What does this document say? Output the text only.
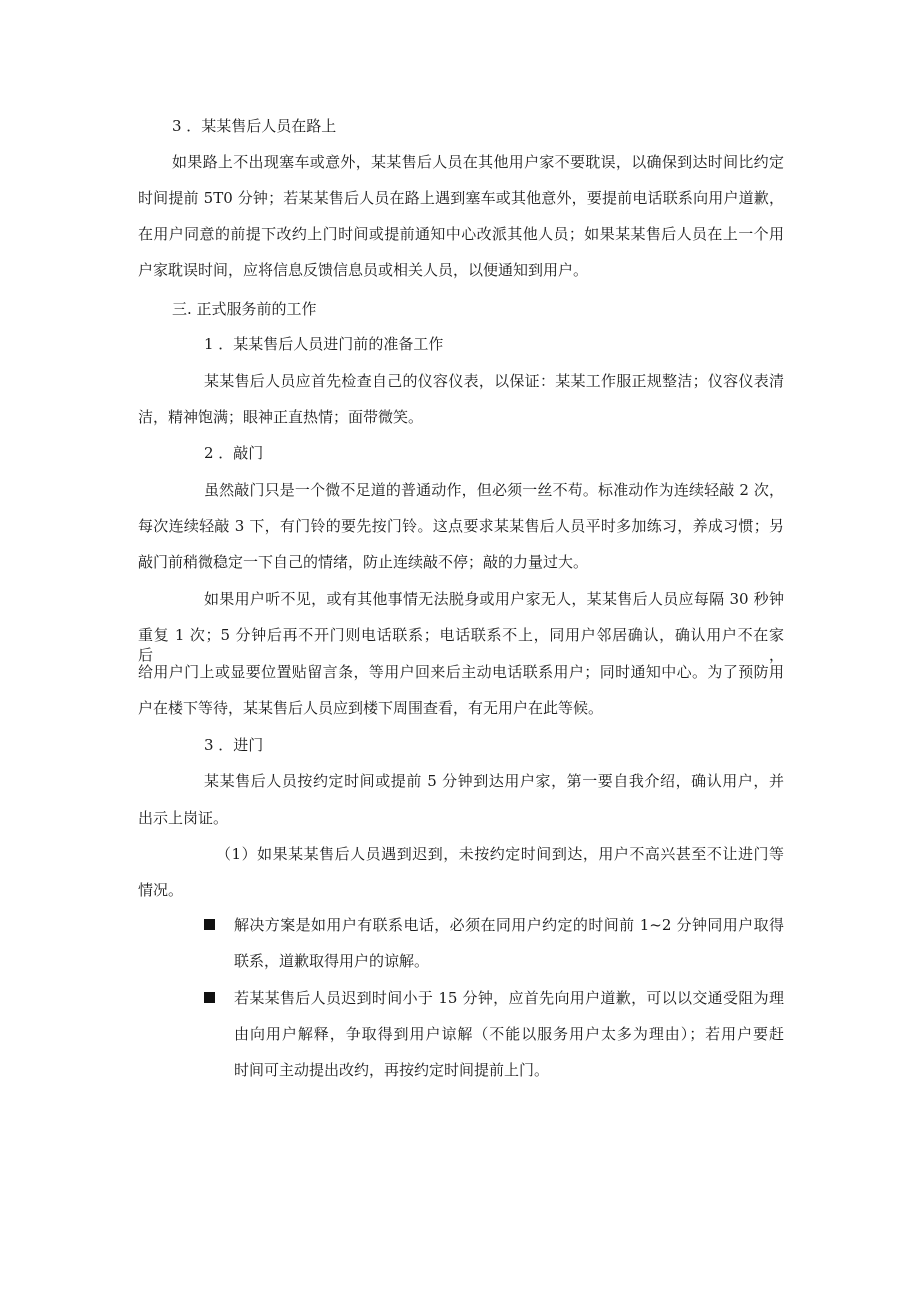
3 ．某某售后人员在路上
如果路上不出现塞车或意外，某某售后人员在其他用户家不要耽误，以确保到达时间比约定
时间提前 5T0 分钟；若某某售后人员在路上遇到塞车或其他意外，要提前电话联系向用户道歉，
在用户同意的前提下改约上门时间或提前通知中心改派其他人员；如果某某售后人员在上一个用
户家耽误时间，应将信息反馈信息员或相关人员，以便通知到用户。
三. 正式服务前的工作
1 ．某某售后人员进门前的准备工作
某某售后人员应首先检查自己的仪容仪表，以保证：某某工作服正规整洁；仪容仪表清
洁，精神饱满；眼神正直热情；面带微笑。
2 ．敲门
虽然敲门只是一个微不足道的普通动作，但必须一丝不苟。标准动作为连续轻敲 2 次，
每次连续轻敲 3 下，有门铃的要先按门铃。这点要求某某售后人员平时多加练习，养成习惯；另
敲门前稍微稳定一下自己的情绪，防止连续敲不停；敲的力量过大。
如果用户听不见，或有其他事情无法脱身或用户家无人，某某售后人员应每隔 30 秒钟
重复 1 次；5 分钟后再不开门则电话联系；电话联系不上，同用户邻居确认，确认用户不在家后，
给用户门上或显要位置贴留言条，等用户回来后主动电话联系用户；同时通知中心。为了预防用
户在楼下等待，某某售后人员应到楼下周围查看，有无用户在此等候。
3 ．进门
某某售后人员按约定时间或提前 5 分钟到达用户家，第一要自我介绍，确认用户，并
出示上岗证。
（1）如果某某售后人员遇到迟到，未按约定时间到达，用户不高兴甚至不让进门等
情况。
解决方案是如用户有联系电话，必须在同用户约定的时间前 1~2 分钟同用户取得
联系，道歉取得用户的谅解。
若某某售后人员迟到时间小于 15 分钟，应首先向用户道歉，可以以交通受阻为理
由向用户解释，争取得到用户谅解（不能以服务用户太多为理由）；若用户要赶
时间可主动提出改约，再按约定时间提前上门。
